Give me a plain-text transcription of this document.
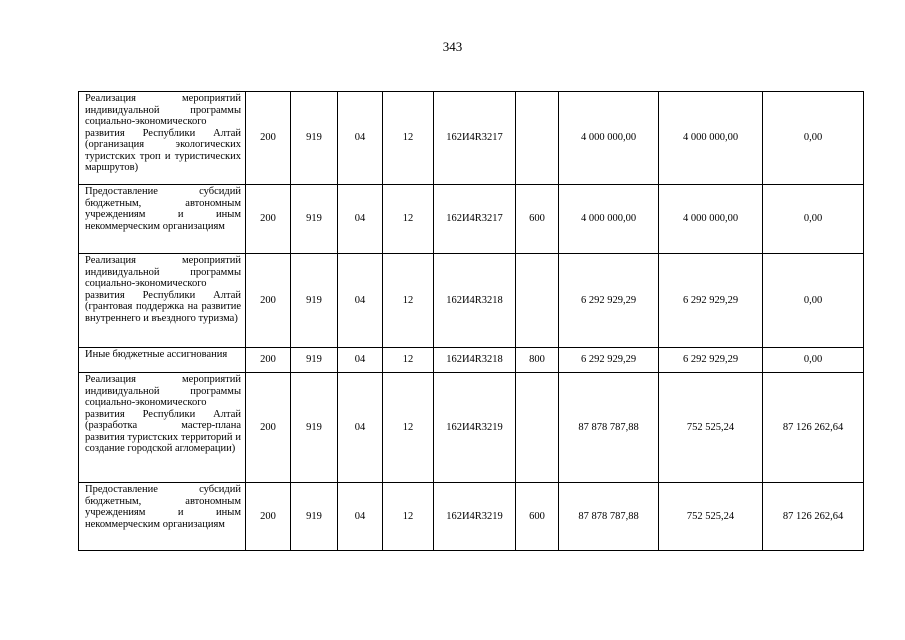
343
Реализация мероприятий индивидуальной программы социально-экономического развития Республики Алтай (организация экологических туристских троп и туристических маршрутов)	200	919	04	12	162И4R3217		4 000 000,00	4 000 000,00	0,00
Предоставление субсидий бюджетным, автономным учреждениям и иным некоммерческим организациям	200	919	04	12	162И4R3217	600	4 000 000,00	4 000 000,00	0,00
Реализация мероприятий индивидуальной программы социально-экономического развития Республики Алтай (грантовая поддержка на развитие внутреннего и въездного туризма)	200	919	04	12	162И4R3218		6 292 929,29	6 292 929,29	0,00
Иные бюджетные ассигнования	200	919	04	12	162И4R3218	800	6 292 929,29	6 292 929,29	0,00
Реализация мероприятий индивидуальной программы социально-экономического развития Республики Алтай (разработка мастер-плана развития туристских территорий и создание городской агломерации)	200	919	04	12	162И4R3219		87 878 787,88	752 525,24	87 126 262,64
Предоставление субсидий бюджетным, автономным учреждениям и иным некоммерческим организациям	200	919	04	12	162И4R3219	600	87 878 787,88	752 525,24	87 126 262,64
